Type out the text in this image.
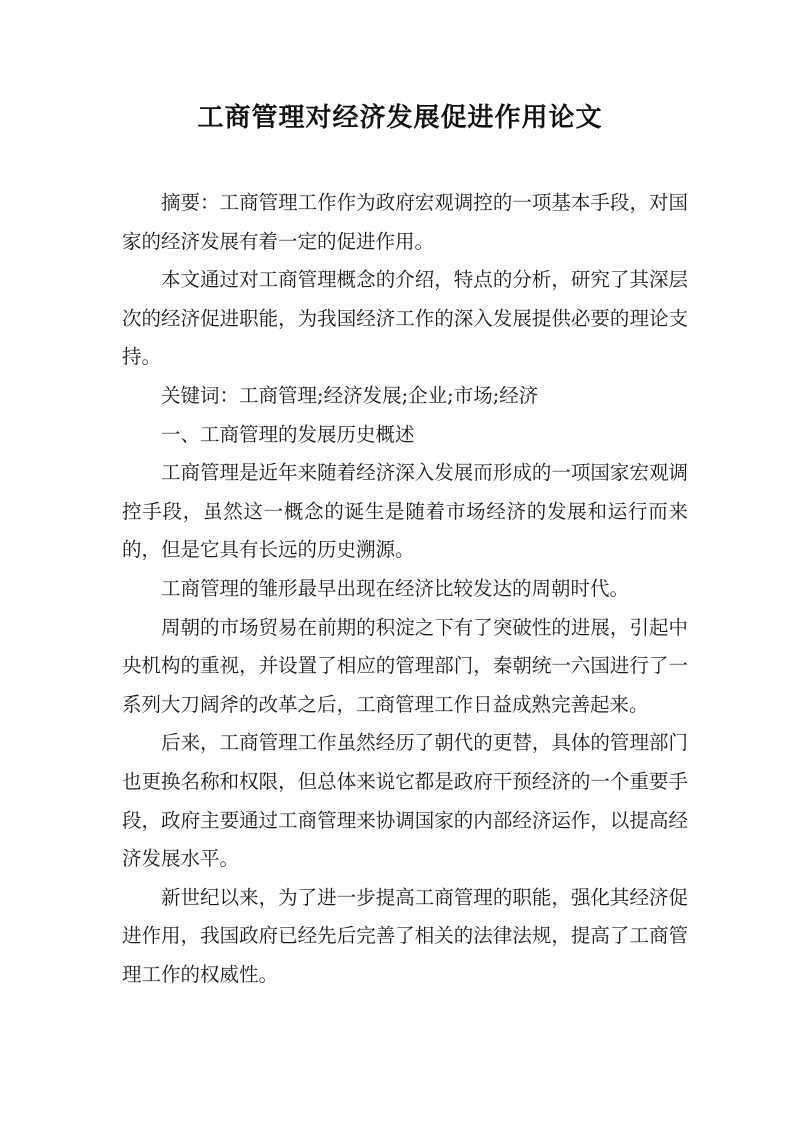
工商管理对经济发展促进作用论文

摘要：工商管理工作作为政府宏观调控的一项基本手段，对国家的经济发展有着一定的促进作用。

本文通过对工商管理概念的介绍，特点的分析，研究了其深层次的经济促进职能，为我国经济工作的深入发展提供必要的理论支持。

关键词：工商管理;经济发展;企业;市场;经济

一、工商管理的发展历史概述

工商管理是近年来随着经济深入发展而形成的一项国家宏观调控手段，虽然这一概念的诞生是随着市场经济的发展和运行而来的，但是它具有长远的历史溯源。

工商管理的雏形最早出现在经济比较发达的周朝时代。

周朝的市场贸易在前期的积淀之下有了突破性的进展，引起中央机构的重视，并设置了相应的管理部门，秦朝统一六国进行了一系列大刀阔斧的改革之后，工商管理工作日益成熟完善起来。

后来，工商管理工作虽然经历了朝代的更替，具体的管理部门也更换名称和权限，但总体来说它都是政府干预经济的一个重要手段，政府主要通过工商管理来协调国家的内部经济运作，以提高经济发展水平。

新世纪以来，为了进一步提高工商管理的职能，强化其经济促进作用，我国政府已经先后完善了相关的法律法规，提高了工商管理工作的权威性。
